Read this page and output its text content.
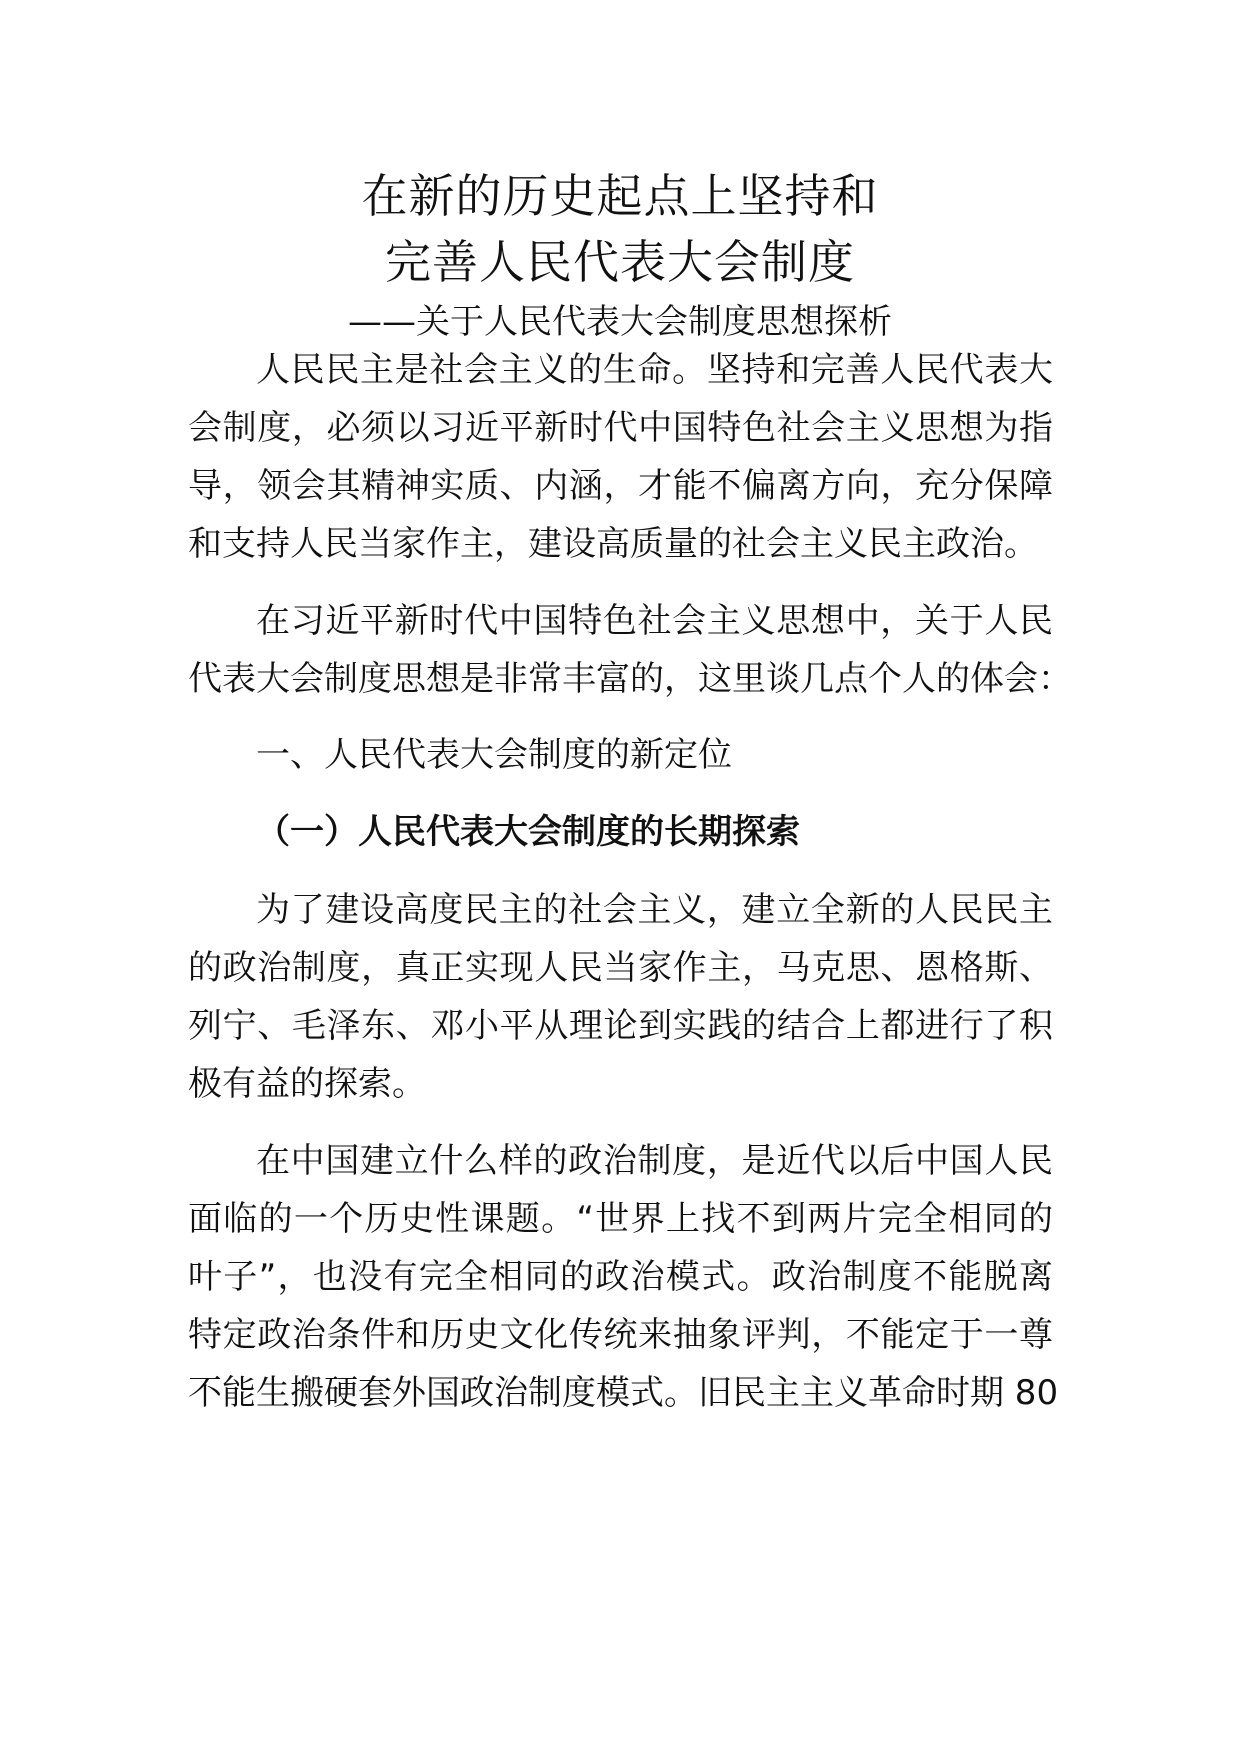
在新的历史起点上坚持和
完善人民代表大会制度
——关于人民代表大会制度思想探析
人民民主是社会主义的生命。坚持和完善人民代表大
会制度，必须以习近平新时代中国特色社会主义思想为指
导，领会其精神实质、内涵，才能不偏离方向，充分保障
和支持人民当家作主，建设高质量的社会主义民主政治。
在习近平新时代中国特色社会主义思想中，关于人民
代表大会制度思想是非常丰富的，这里谈几点个人的体会：
一、人民代表大会制度的新定位
（一）人民代表大会制度的长期探索
为了建设高度民主的社会主义，建立全新的人民民主
的政治制度，真正实现人民当家作主，马克思、恩格斯、
列宁、毛泽东、邓小平从理论到实践的结合上都进行了积
极有益的探索。
在中国建立什么样的政治制度，是近代以后中国人民
面临的一个历史性课题。“世界上找不到两片完全相同的
叶子”，也没有完全相同的政治模式。政治制度不能脱离
特定政治条件和历史文化传统来抽象评判，不能定于一尊
不能生搬硬套外国政治制度模式。旧民主主义革命时期 80
